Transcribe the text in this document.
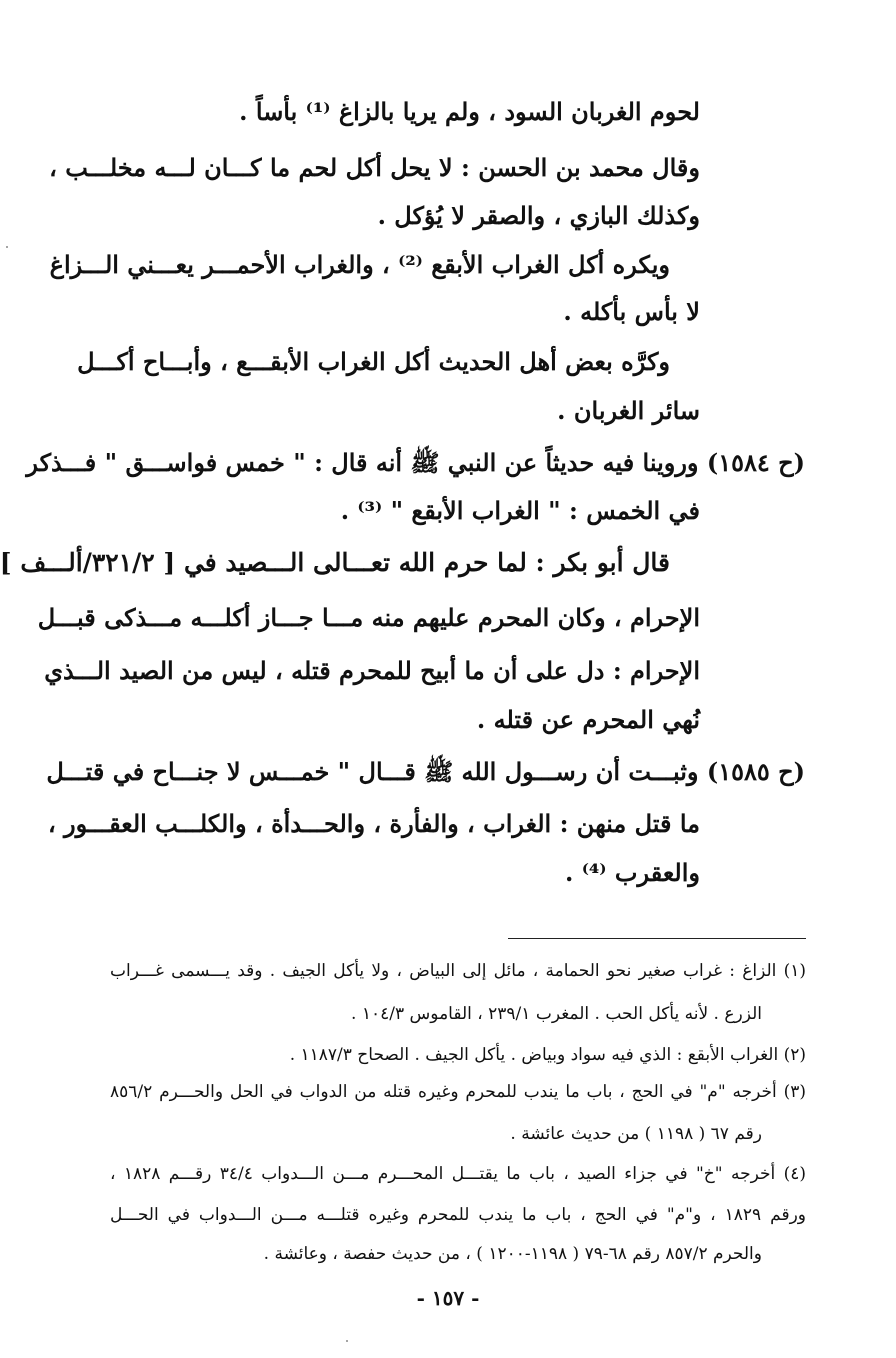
لحوم الغربان السود ، ولم يريا بالزاغ ⁽¹⁾ بأساً .
وقال محمد بن الحسن : لا يحل أكل لحم ما كـــان لـــه مخلـــب ،
وكذلك البازي ، والصقر لا يُؤكل .
ويكره أكل الغراب الأبقع ⁽²⁾ ، والغراب الأحمـــر يعـــني الـــزاغ
لا بأس بأكله .
وكرَّه بعض أهل الحديث أكل الغراب الأبقـــع ، وأبـــاح أكـــل
سائر الغربان .
(ح ١٥٨٤) وروينا فيه حديثاً عن النبي ﷺ أنه قال : " خمس فواســـق " فـــذكر
في الخمس : " الغراب الأبقع " ⁽³⁾ .
قال أبو بكر : لما حرم الله تعـــالى الـــصيد في [ ٣٢١/٢/ألـــف ]
الإحرام ، وكان المحرم عليهم منه مـــا جـــاز أكلـــه مـــذكى قبـــل
الإحرام : دل على أن ما أبيح للمحرم قتله ، ليس من الصيد الـــذي
نُهي المحرم عن قتله .
(ح ١٥٨٥) وثبـــت أن رســـول الله ﷺ قـــال " خمـــس لا جنـــاح في قتـــل
ما قتل منهن : الغراب ، والفأرة ، والحـــدأة ، والكلـــب العقـــور ،
والعقرب ⁽⁴⁾ .
(١) الزاغ : غراب صغير نحو الحمامة ، مائل إلى البياض ، ولا يأكل الجيف . وقد يـــسمى غـــراب
الزرع . لأنه يأكل الحب . المغرب ٢٣٩/١ ، القاموس ١٠٤/٣ .
(٢) الغراب الأبقع : الذي فيه سواد وبياض . يأكل الجيف . الصحاح ١١٨٧/٣ .
(٣) أخرجه "م" في الحج ، باب ما يندب للمحرم وغيره قتله من الدواب في الحل والحـــرم ٨٥٦/٢
رقم ٦٧ ( ١١٩٨ ) من حديث عائشة .
(٤) أخرجه "خ" في جزاء الصيد ، باب ما يقتـــل المحـــرم مـــن الـــدواب ٣٤/٤ رقـــم ١٨٢٨ ،
ورقم ١٨٢٩ ، و"م" في الحج ، باب ما يندب للمحرم وغيره قتلـــه مـــن الـــدواب في الحـــل
والحرم ٨٥٧/٢ رقم ٦٨-٧٩ ( ١١٩٨-١٢٠٠ ) ، من حديث حفصة ، وعائشة .
- ١٥٧ -
